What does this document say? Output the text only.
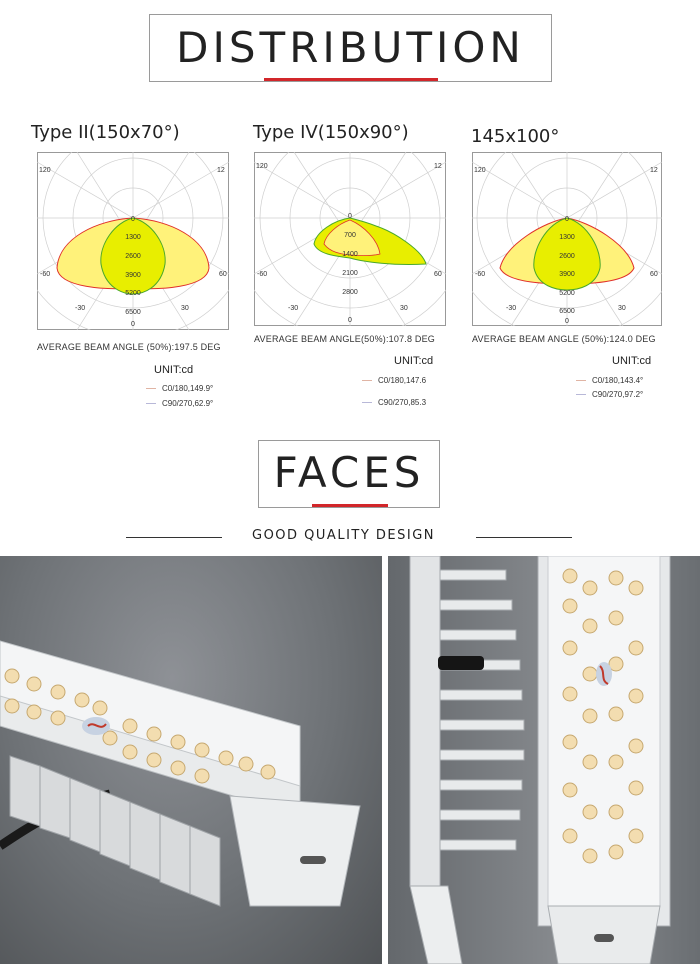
DISTRIBUTION
Type II(150x70°)
120	12
-60	60
-30	30
0
1300
2600
3900
5200
6500
0
AVERAGE BEAM ANGLE (50%):197.5 DEG
UNIT:cd
C0/180,149.9°
C90/270,62.9°
Type IV(150x90°)
120	12
-60	60
-30	30
0
700
1400
2100
2800
0
AVERAGE BEAM ANGLE(50%):107.8 DEG
UNIT:cd
C0/180,147.6
C90/270,85.3
145x100°
120	12
-60	60
-30	30
0
1300
2600
3900
5200
6500
0
AVERAGE BEAM ANGLE (50%):124.0 DEG
UNIT:cd
C0/180,143.4°
C90/270,97.2°
FACES
GOOD QUALITY DESIGN
